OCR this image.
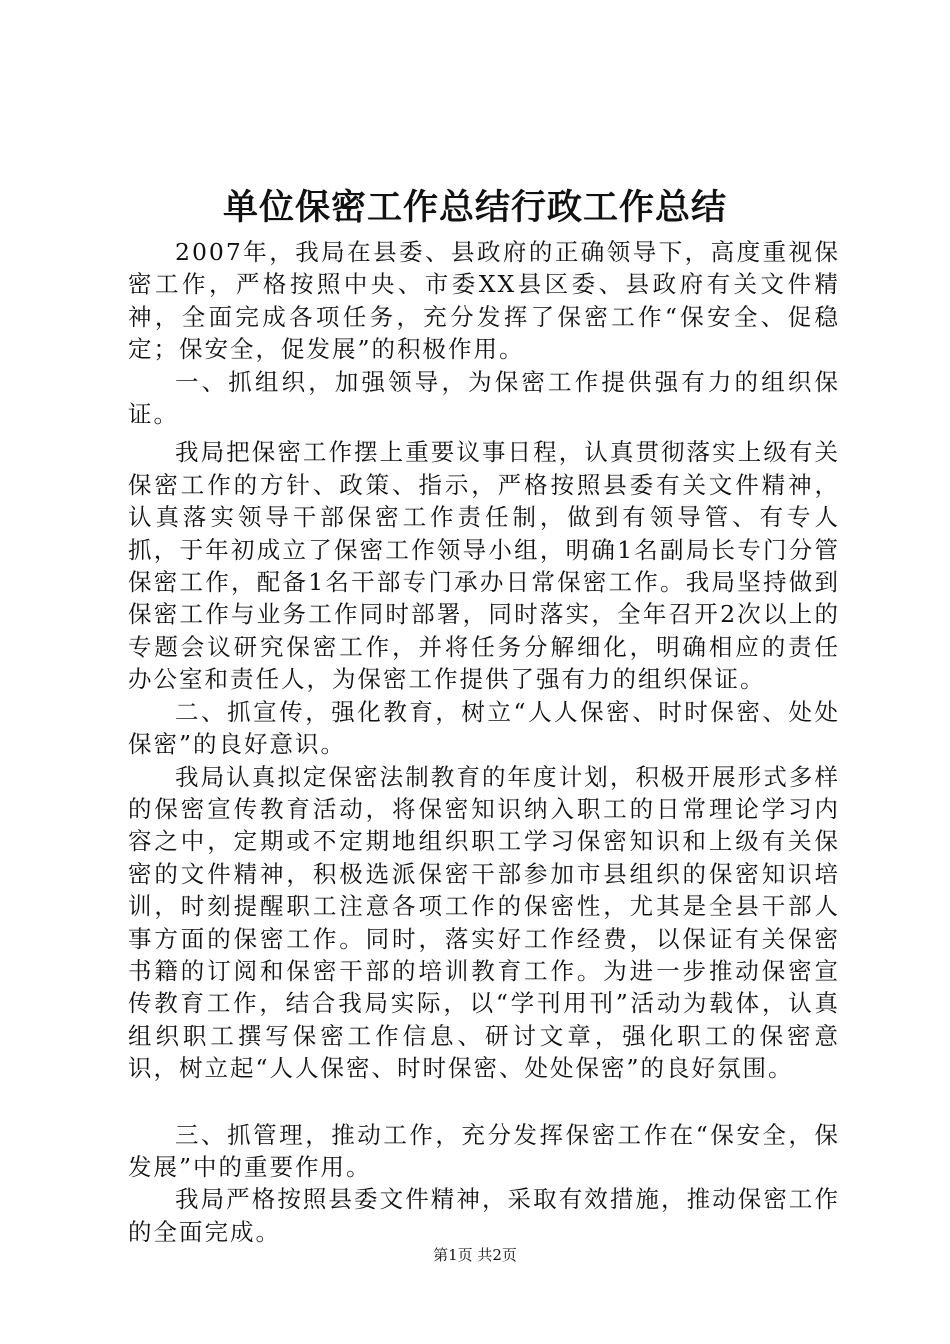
单位保密工作总结行政工作总结

2007年，我局在县委、县政府的正确领导下，高度重视保密工作，严格按照中央、市委XX县区委、县政府有关文件精神，全面完成各项任务，充分发挥了保密工作“保安全、促稳定；保安全，促发展”的积极作用。

一、抓组织，加强领导，为保密工作提供强有力的组织保证。

我局把保密工作摆上重要议事日程，认真贯彻落实上级有关保密工作的方针、政策、指示，严格按照县委有关文件精神，认真落实领导干部保密工作责任制，做到有领导管、有专人抓，于年初成立了保密工作领导小组，明确1名副局长专门分管保密工作，配备1名干部专门承办日常保密工作。我局坚持做到保密工作与业务工作同时部署，同时落实，全年召开2次以上的专题会议研究保密工作，并将任务分解细化，明确相应的责任办公室和责任人，为保密工作提供了强有力的组织保证。

二、抓宣传，强化教育，树立“人人保密、时时保密、处处保密”的良好意识。

我局认真拟定保密法制教育的年度计划，积极开展形式多样的保密宣传教育活动，将保密知识纳入职工的日常理论学习内容之中，定期或不定期地组织职工学习保密知识和上级有关保密的文件精神，积极选派保密干部参加市县组织的保密知识培训，时刻提醒职工注意各项工作的保密性，尤其是全县干部人事方面的保密工作。同时，落实好工作经费，以保证有关保密书籍的订阅和保密干部的培训教育工作。为进一步推动保密宣传教育工作，结合我局实际，以“学刊用刊”活动为载体，认真组织职工撰写保密工作信息、研讨文章，强化职工的保密意识，树立起“人人保密、时时保密、处处保密”的良好氛围。

三、抓管理，推动工作，充分发挥保密工作在“保安全，保发展”中的重要作用。

我局严格按照县委文件精神，采取有效措施，推动保密工作的全面完成。

第1页 共2页
